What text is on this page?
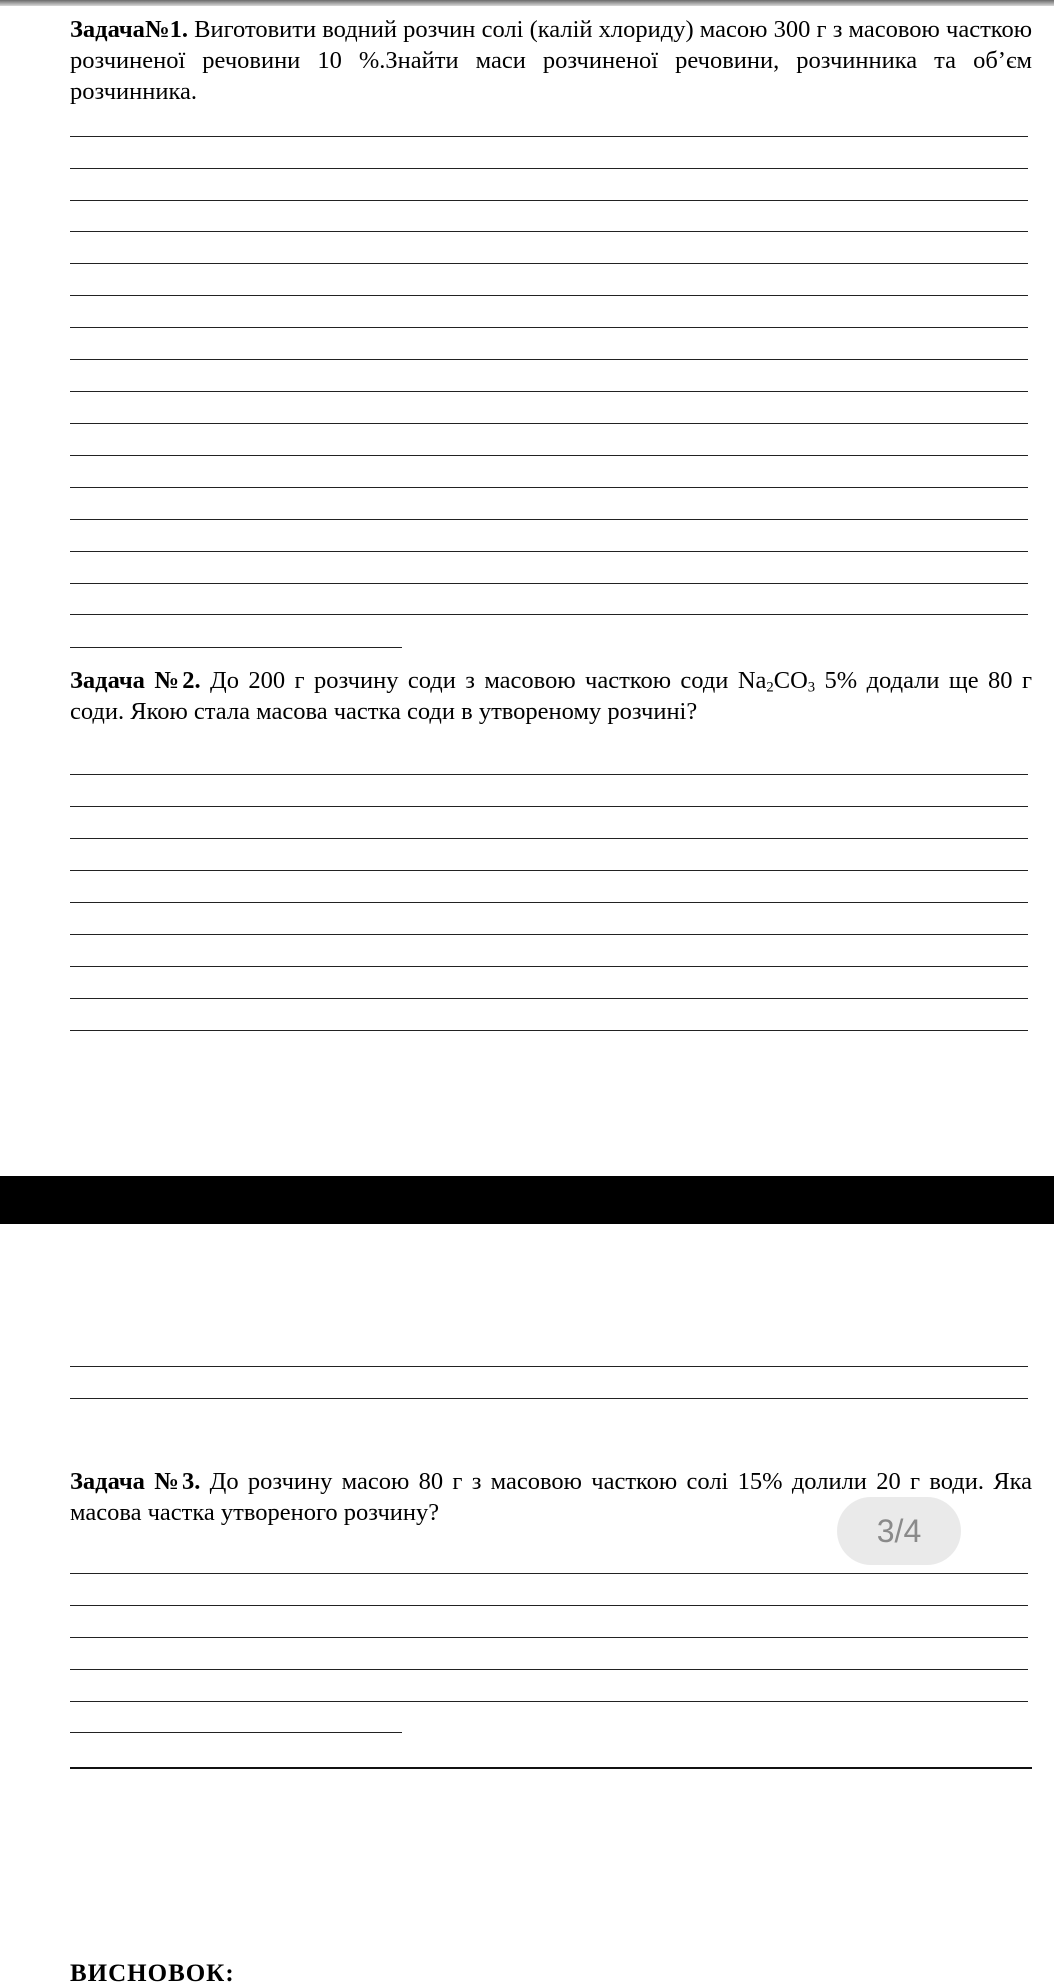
Задача№1. Виготовити водний розчин солі (калій хлориду) масою 300 г з масовою часткою розчиненої речовини 10 %.Знайти маси розчиненої речовини, розчинника та об’єм розчинника.
Задача №2. До 200 г розчину соди з масовою часткою соди $Na_2CO_3$ 5% додали ще 80 г соди. Якою стала масова частка соди в утвореному розчині?
Задача №3. До розчину масою 80 г з масовою часткою солі 15% долили 20 г води. Яка масова частка утвореного розчину?
3/4
ВИСНОВОК:
